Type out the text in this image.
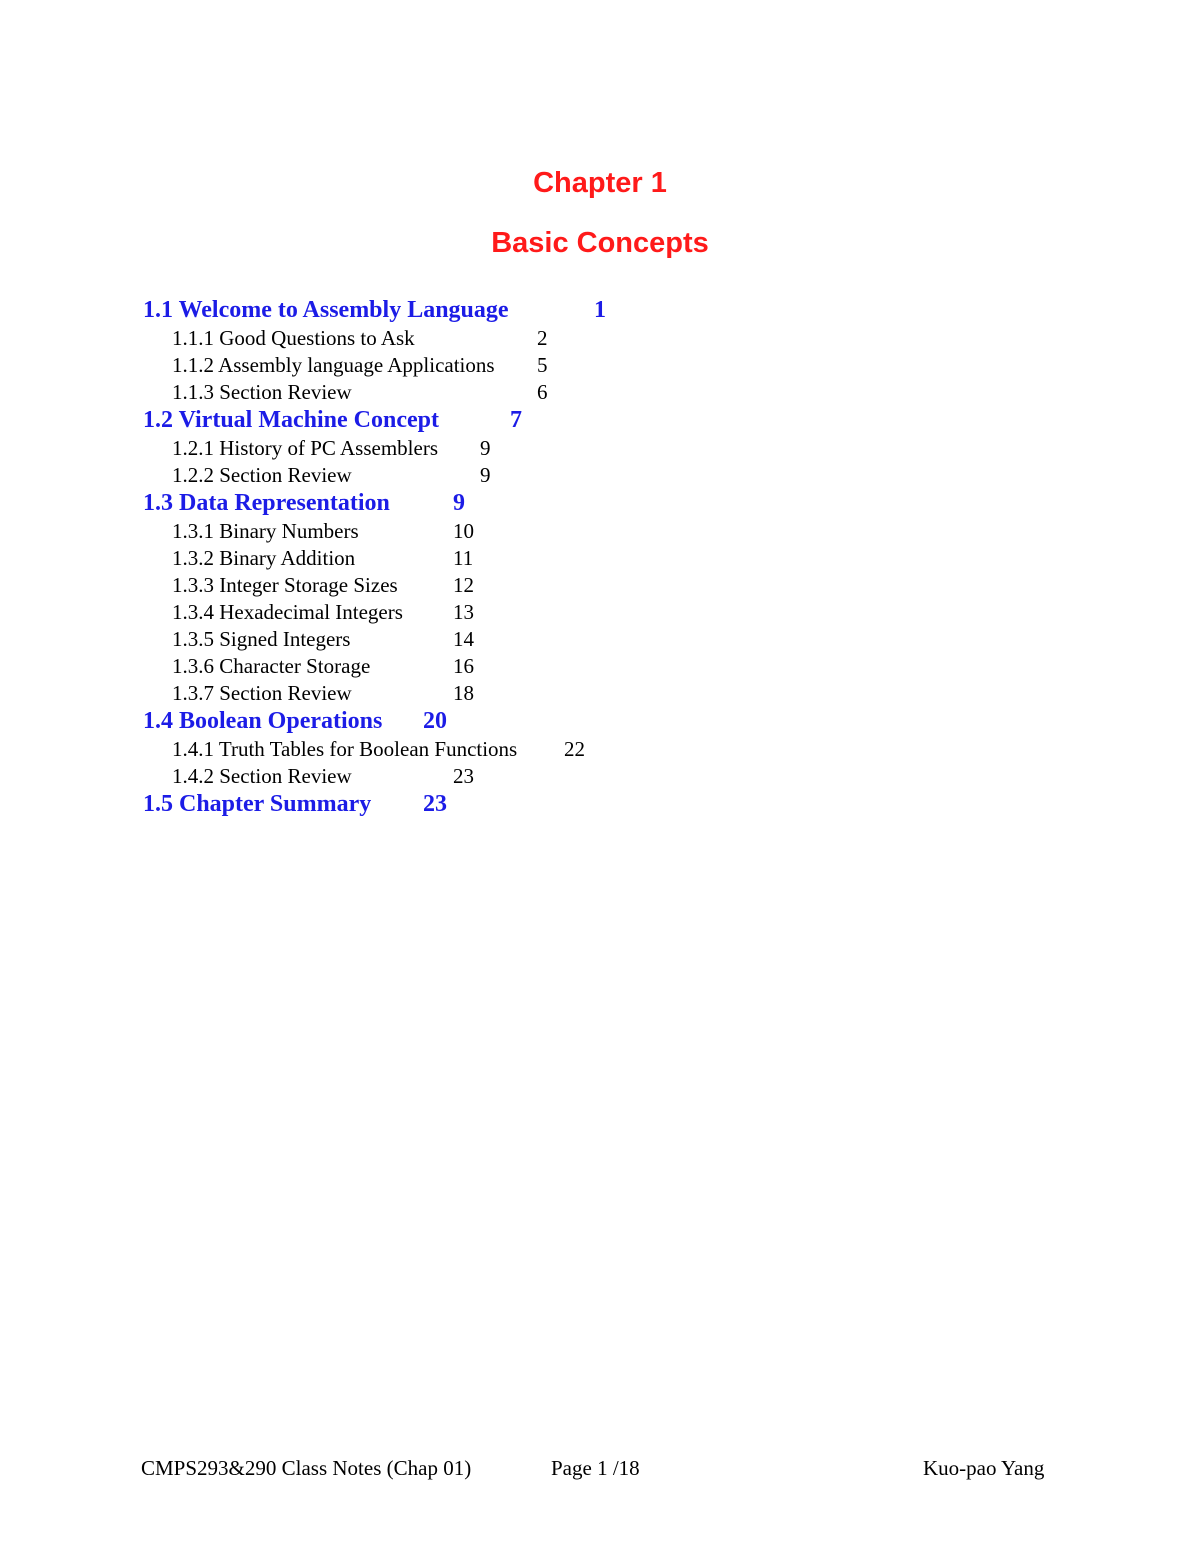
Chapter 1
Basic Concepts
1.1 Welcome to Assembly Language	1
1.1.1 Good Questions to Ask	2
1.1.2 Assembly language Applications 5
1.1.3 Section Review	6
1.2 Virtual Machine Concept	7
1.2.1 History of PC Assemblers 9
1.2.2 Section Review	9
1.3 Data Representation	9
1.3.1 Binary Numbers	10
1.3.2 Binary Addition	11
1.3.3 Integer Storage Sizes	12
1.3.4 Hexadecimal Integers 13
1.3.5 Signed Integers	14
1.3.6 Character Storage	16
1.3.7 Section Review	18
1.4 Boolean Operations 20
1.4.1 Truth Tables for Boolean Functions 22
1.4.2 Section Review	23
1.5 Chapter Summary 23
CMPS293&290 Class Notes (Chap 01)	Page 1 /18	Kuo-pao Yang
